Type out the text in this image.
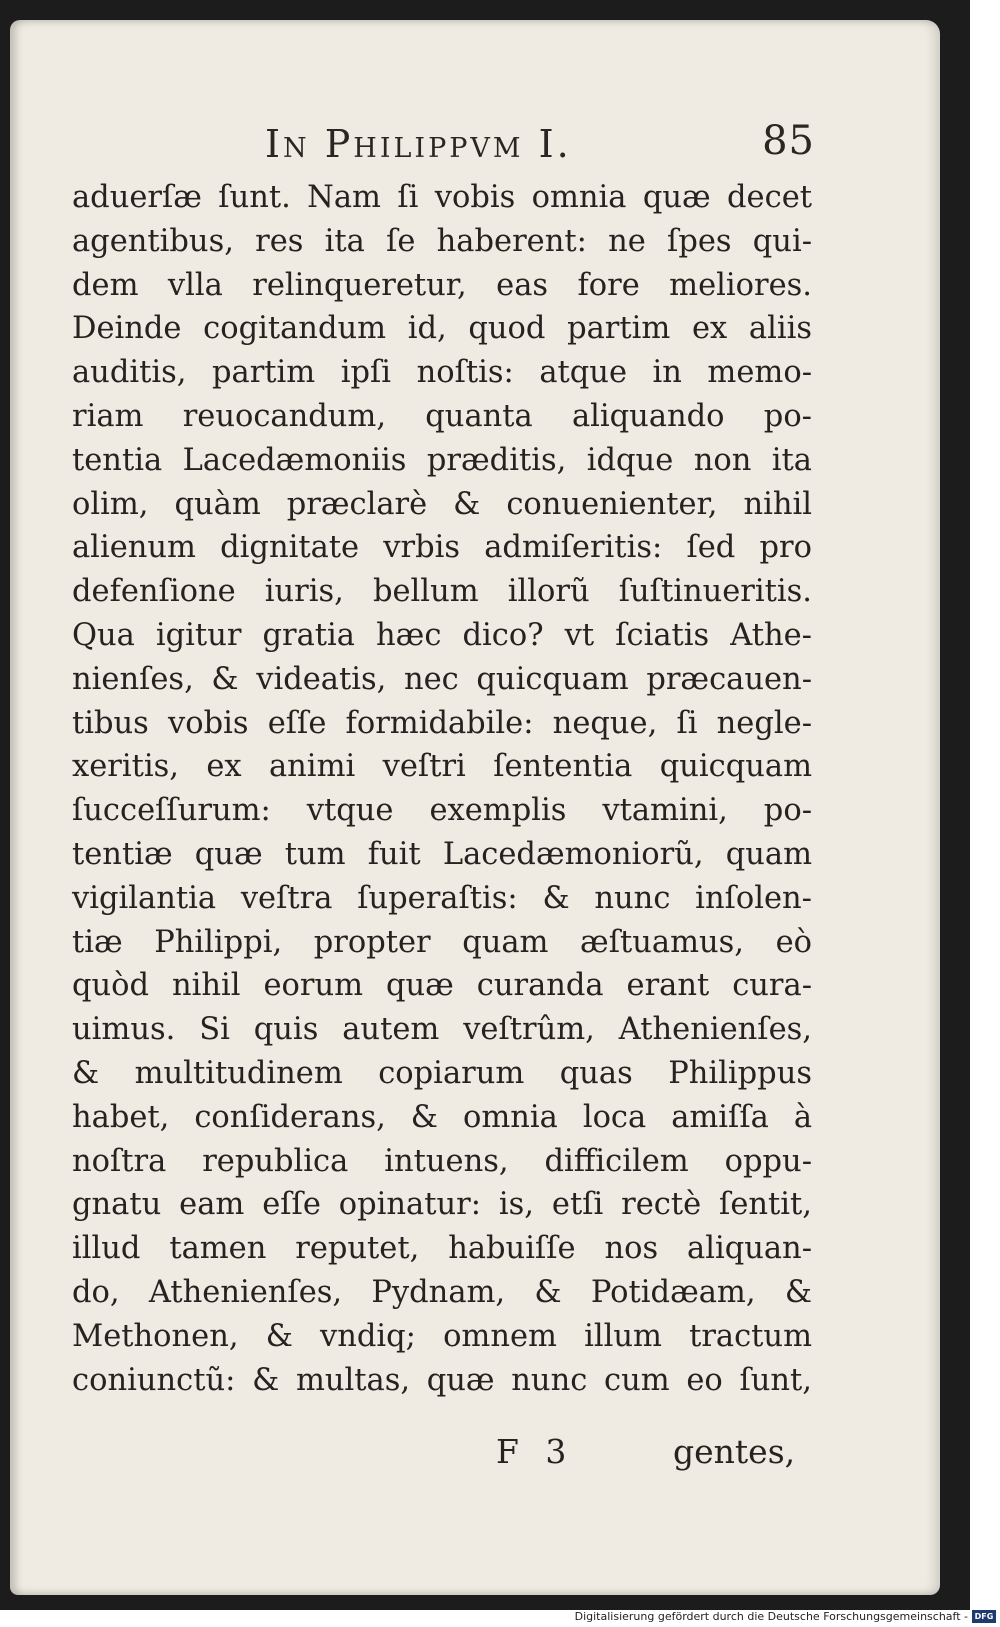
In Philippvm I.	85
aduerſæ ſunt. Nam ſi vobis omnia quæ decet
agentibus, res ita ſe haberent: ne ſpes qui-
dem vlla relinqueretur, eas fore meliores.
Deinde cogitandum id, quod partim ex aliis
auditis, partim ipſi noſtis: atque in memo-
riam reuocandum, quanta aliquando po-
tentia Lacedæmoniis præditis, idque non ita
olim, quàm præclarè & conuenienter, nihil
alienum dignitate vrbis admiſeritis: ſed pro
defenſione iuris, bellum illorũ ſuſtinueritis.
Qua igitur gratia hæc dico? vt ſciatis Athe-
nienſes, & videatis, nec quicquam præcauen-
tibus vobis eſſe formidabile: neque, ſi negle-
xeritis, ex animi veſtri ſententia quicquam
ſucceſſurum: vtque exemplis vtamini, po-
tentiæ quæ tum fuit Lacedæmoniorũ, quam
vigilantia veſtra ſuperaſtis: & nunc inſolen-
tiæ Philippi, propter quam æſtuamus, eò
quòd nihil eorum quæ curanda erant cura-
uimus. Si quis autem veſtrûm, Athenienſes,
& multitudinem copiarum quas Philippus
habet, conſiderans, & omnia loca amiſſa à
noſtra republica intuens, difficilem oppu-
gnatu eam eſſe opinatur: is, etſi rectè ſentit,
illud tamen reputet, habuiſſe nos aliquan-
do, Athenienſes, Pydnam, & Potidæam, &
Methonen, & vndiq; omnem illum tractum
coniunctũ: & multas, quæ nunc cum eo ſunt,
F 3	gentes,
Digitalisierung gefördert durch die Deutsche Forschungsgemeinschaft - DFG
